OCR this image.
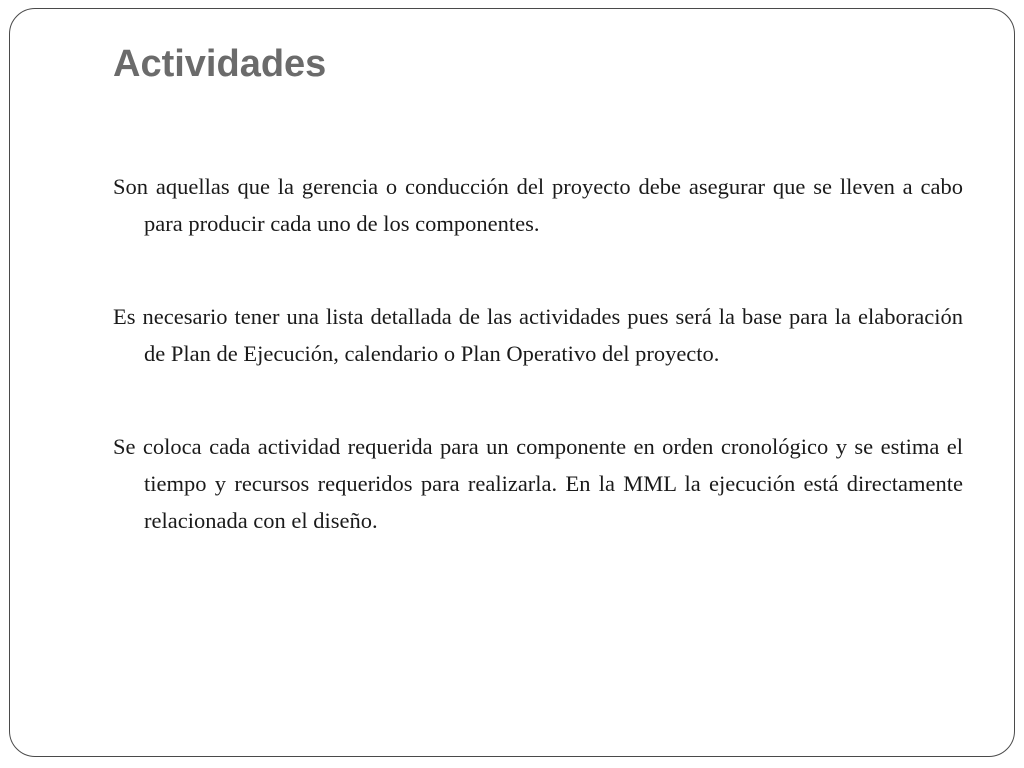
Actividades

Son aquellas que la gerencia o conducción del proyecto debe asegurar que se lleven a cabo para producir cada uno de los componentes.

Es necesario tener una lista detallada de las actividades pues será la base para la elaboración de Plan de Ejecución, calendario o Plan Operativo del proyecto.

Se coloca cada actividad requerida para un componente en orden cronológico y se estima el tiempo y recursos requeridos para realizarla. En la MML la ejecución está directamente relacionada con el diseño.
